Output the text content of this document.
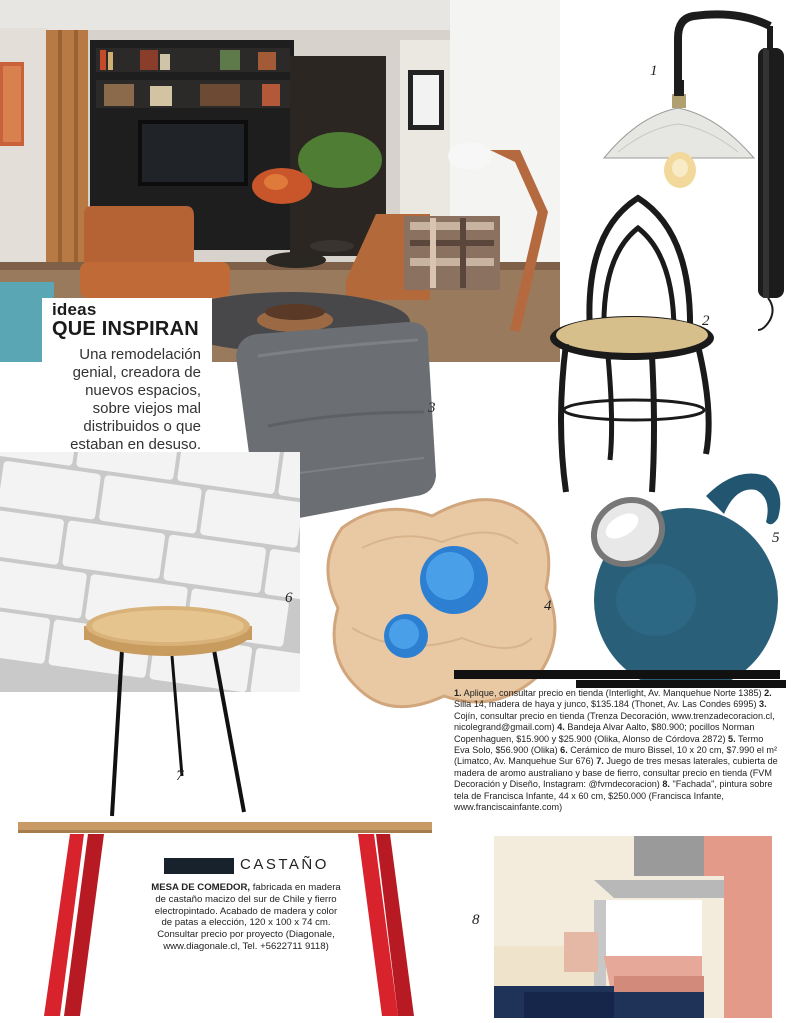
1
2
ideas
QUE INSPIRAN
Una remodelación genial, creadora de nuevos espacios, sobre viejos mal distribuidos o que estaban en desuso.
3
6
7
4
5
1. Aplique, consultar precio en tienda (Interlight, Av. Manquehue Norte 1385) 2. Silla 14, madera de haya y junco, $135.184 (Thonet, Av. Las Condes 6995) 3. Cojín, consultar precio en tienda (Trenza Decoración, www.trenzadecoracion.cl, nicolegrand@gmail.com) 4. Bandeja Alvar Aalto, $80.900; pocillos Norman Copenhaguen, $15.900 y $25.900 (Olika, Alonso de Córdova 2872) 5. Termo Eva Solo, $56.900 (Olika) 6. Cerámico de muro Bissel, 10 x 20 cm, $7.990 el m² (Limatco, Av. Manquehue Sur 676) 7. Juego de tres mesas laterales, cubierta de madera de aromo australiano y base de fierro, consultar precio en tienda (FVM Decoración y Diseño, Instagram: @fvmdecoracion) 8. "Fachada", pintura sobre tela de Francisca Infante, 44 x 60 cm, $250.000 (Francisca Infante, www.franciscainfante.com)
CASTAÑO
MESA DE COMEDOR, fabricada en madera de castaño macizo del sur de Chile y fierro electropintado. Acabado de madera y color de patas a elección, 120 x 100 x 74 cm. Consultar precio por proyecto (Diagonale, www.diagonale.cl, Tel. +5622711 9118)
8
